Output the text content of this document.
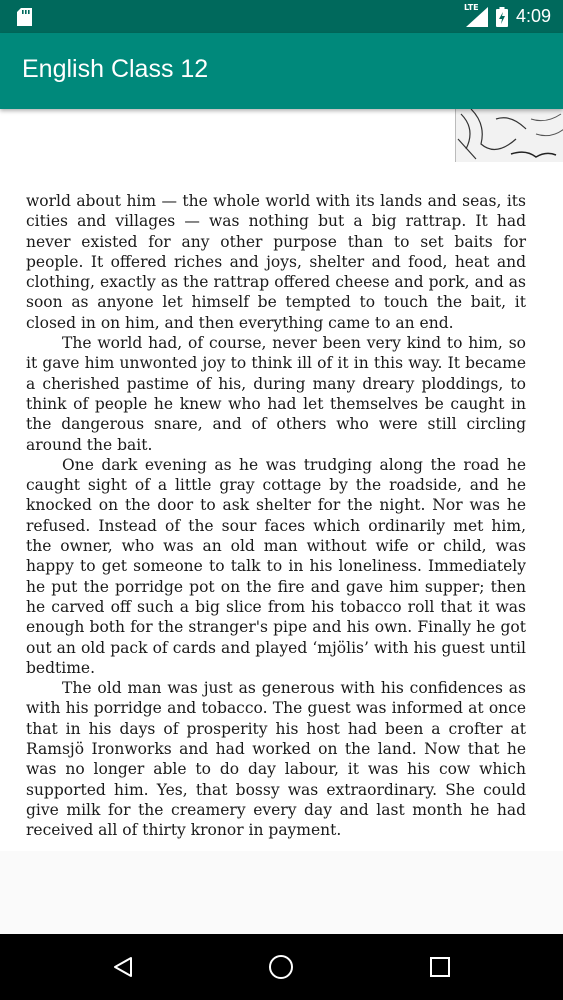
LTE 4:09
English Class 12

world about him — the whole world with its lands and seas, its cities and villages — was nothing but a big rattrap. It had never existed for any other purpose than to set baits for people. It offered riches and joys, shelter and food, heat and clothing, exactly as the rattrap offered cheese and pork, and as soon as anyone let himself be tempted to touch the bait, it closed in on him, and then everything came to an end.

The world had, of course, never been very kind to him, so it gave him unwonted joy to think ill of it in this way. It became a cherished pastime of his, during many dreary ploddings, to think of people he knew who had let themselves be caught in the dangerous snare, and of others who were still circling around the bait.

One dark evening as he was trudging along the road he caught sight of a little gray cottage by the roadside, and he knocked on the door to ask shelter for the night. Nor was he refused. Instead of the sour faces which ordinarily met him, the owner, who was an old man without wife or child, was happy to get someone to talk to in his loneliness. Immediately he put the porridge pot on the fire and gave him supper; then he carved off such a big slice from his tobacco roll that it was enough both for the stranger's pipe and his own. Finally he got out an old pack of cards and played ‘mjölis’ with his guest until bedtime.

The old man was just as generous with his confidences as with his porridge and tobacco. The guest was informed at once that in his days of prosperity his host had been a crofter at Ramsjö Ironworks and had worked on the land. Now that he was no longer able to do day labour, it was his cow which supported him. Yes, that bossy was extraordinary. She could give milk for the creamery every day and last month he had received all of thirty kronor in payment.
